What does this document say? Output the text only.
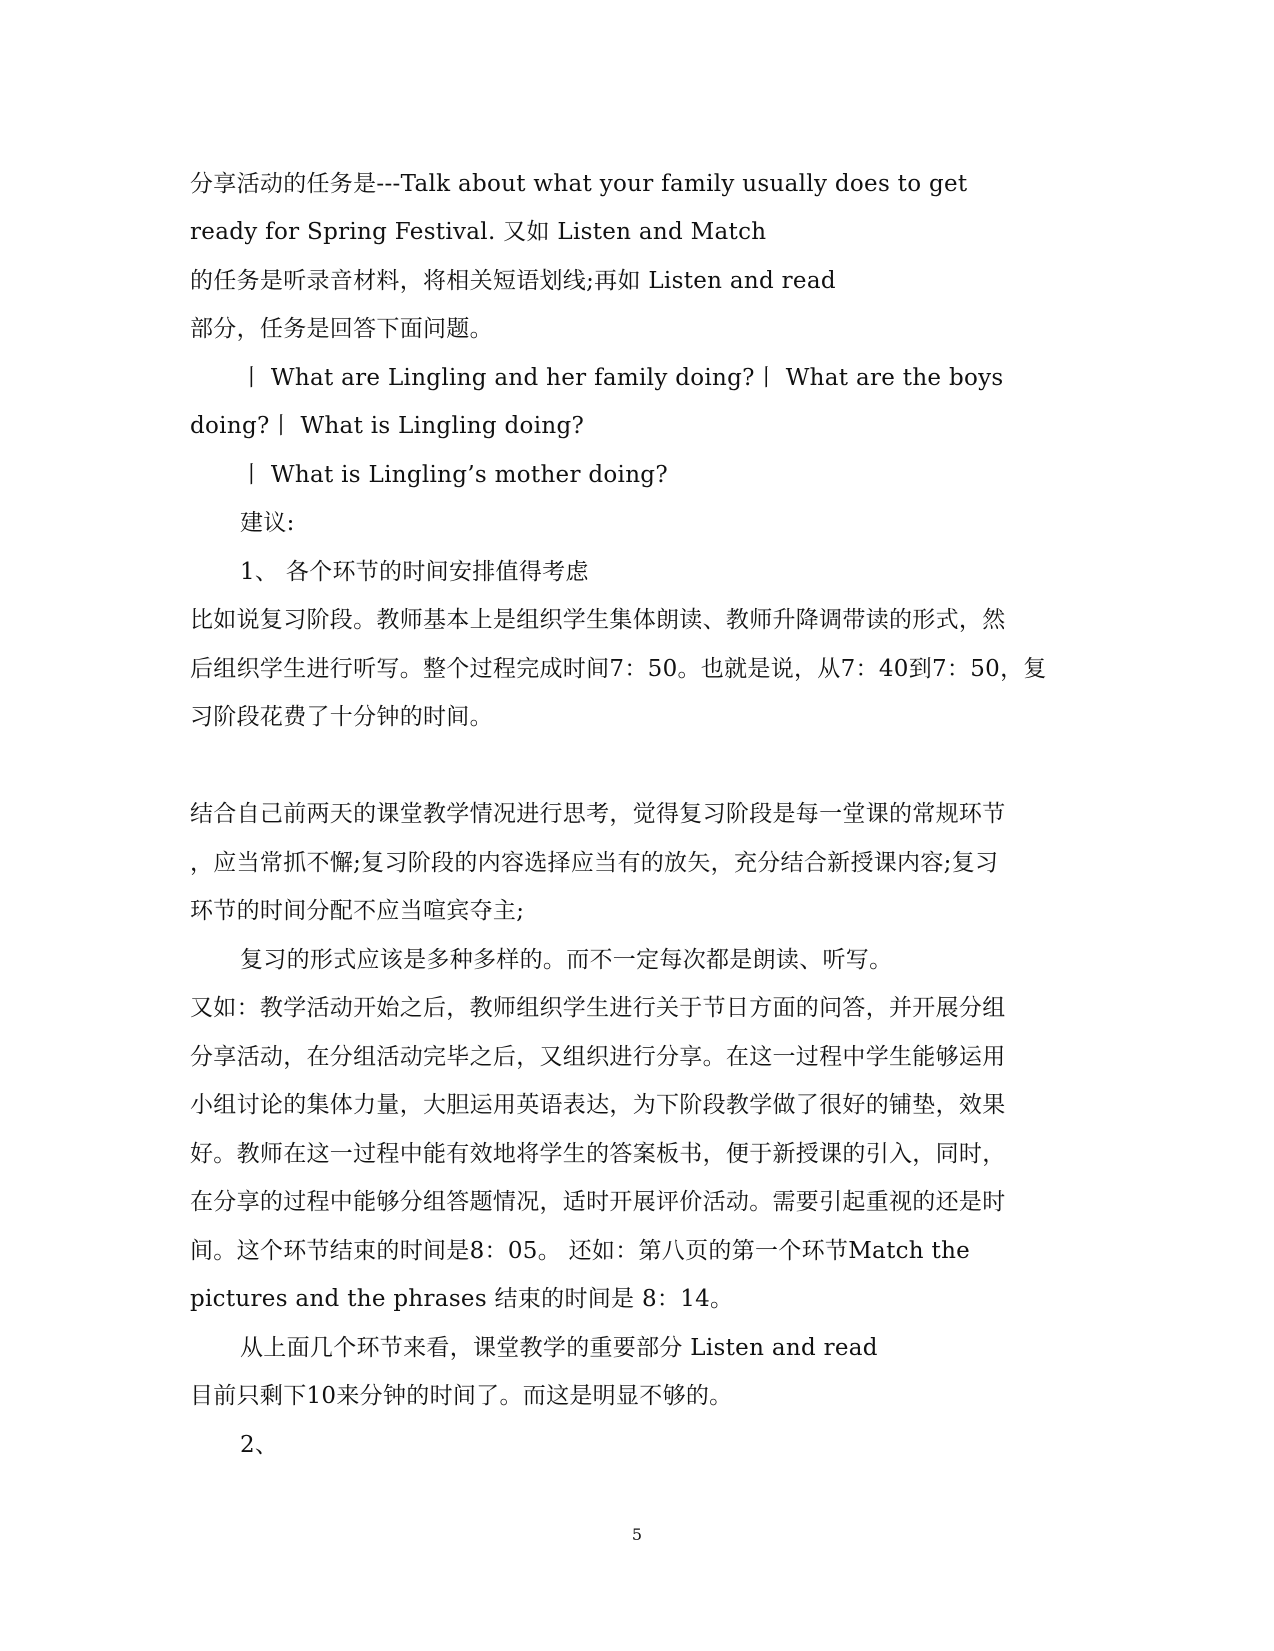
分享活动的任务是---Talk about what your family usually does to get
ready for Spring Festival. 又如 Listen and Match
的任务是听录音材料，将相关短语划线;再如 Listen and read
部分，任务是回答下面问题。
丨 What are Lingling and her family doing?丨 What are the boys
doing?丨 What is Lingling doing?
丨 What is Lingling’s mother doing?
建议:
1、 各个环节的时间安排值得考虑
比如说复习阶段。教师基本上是组织学生集体朗读、教师升降调带读的形式，然
后组织学生进行听写。整个过程完成时间7：50。也就是说，从7：40到7：50，复
习阶段花费了十分钟的时间。
结合自己前两天的课堂教学情况进行思考，觉得复习阶段是每一堂课的常规环节
，应当常抓不懈;复习阶段的内容选择应当有的放矢，充分结合新授课内容;复习
环节的时间分配不应当喧宾夺主;
复习的形式应该是多种多样的。而不一定每次都是朗读、听写。
又如：教学活动开始之后，教师组织学生进行关于节日方面的问答，并开展分组
分享活动，在分组活动完毕之后，又组织进行分享。在这一过程中学生能够运用
小组讨论的集体力量，大胆运用英语表达，为下阶段教学做了很好的铺垫，效果
好。教师在这一过程中能有效地将学生的答案板书，便于新授课的引入，同时，
在分享的过程中能够分组答题情况，适时开展评价活动。需要引起重视的还是时
间。这个环节结束的时间是8：05。 还如：第八页的第一个环节Match the
pictures and the phrases 结束的时间是 8：14。
从上面几个环节来看，课堂教学的重要部分 Listen and read
目前只剩下10来分钟的时间了。而这是明显不够的。
2、
5
